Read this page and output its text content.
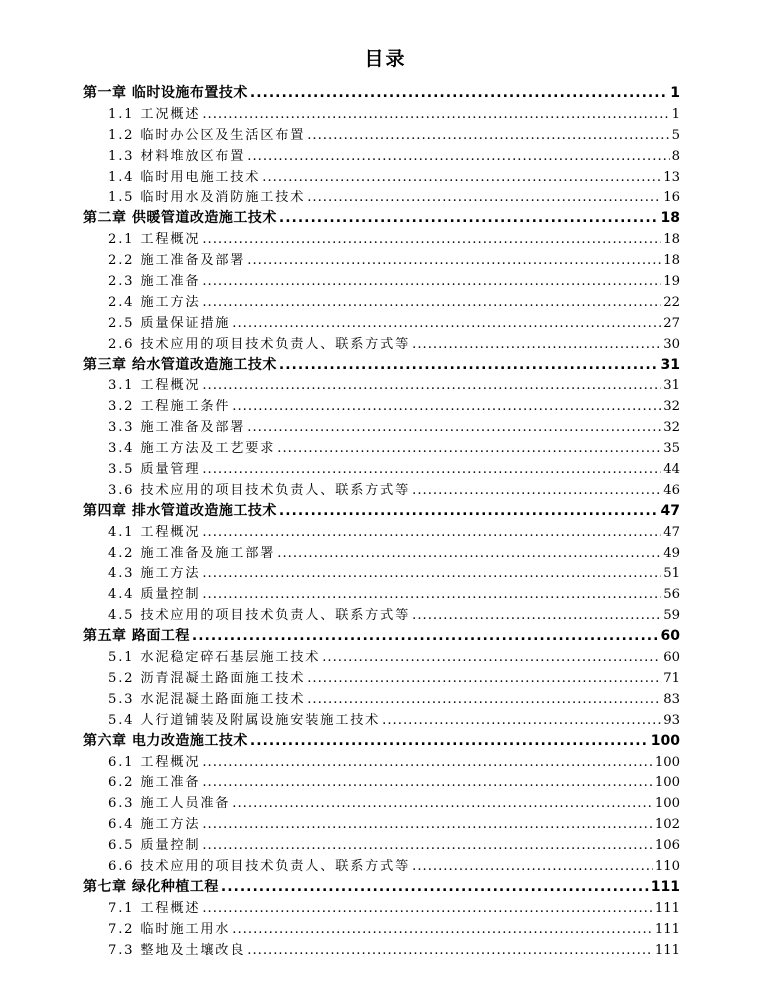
目录
第一章 临时设施布置技术 .....	1
1.1 工况概述 .....	1
1.2 临时办公区及生活区布置 .....	5
1.3 材料堆放区布置 .....	8
1.4 临时用电施工技术 .....	13
1.5 临时用水及消防施工技术 .....	16
第二章 供暖管道改造施工技术 .....	18
2.1 工程概况 .....	18
2.2 施工准备及部署 .....	18
2.3 施工准备 .....	19
2.4 施工方法 .....	22
2.5 质量保证措施 .....	27
2.6 技术应用的项目技术负责人、联系方式等 .....	30
第三章 给水管道改造施工技术 .....	31
3.1 工程概况 .....	31
3.2 工程施工条件 .....	32
3.3 施工准备及部署 .....	32
3.4 施工方法及工艺要求 .....	35
3.5 质量管理 .....	44
3.6 技术应用的项目技术负责人、联系方式等 .....	46
第四章 排水管道改造施工技术 .....	47
4.1 工程概况 .....	47
4.2 施工准备及施工部署 .....	49
4.3 施工方法 .....	51
4.4 质量控制 .....	56
4.5 技术应用的项目技术负责人、联系方式等 .....	59
第五章 路面工程 .....	60
5.1 水泥稳定碎石基层施工技术 .....	60
5.2 沥青混凝土路面施工技术 .....	71
5.3 水泥混凝土路面施工技术 .....	83
5.4 人行道铺装及附属设施安装施工技术 .....	93
第六章 电力改造施工技术 .....	100
6.1 工程概况 .....	100
6.2 施工准备 .....	100
6.3 施工人员准备 .....	100
6.4 施工方法 .....	102
6.5 质量控制 .....	106
6.6 技术应用的项目技术负责人、联系方式等 .....	110
第七章 绿化种植工程 .....	111
7.1 工程概述 .....	111
7.2 临时施工用水 .....	111
7.3 整地及土壤改良 .....	111
